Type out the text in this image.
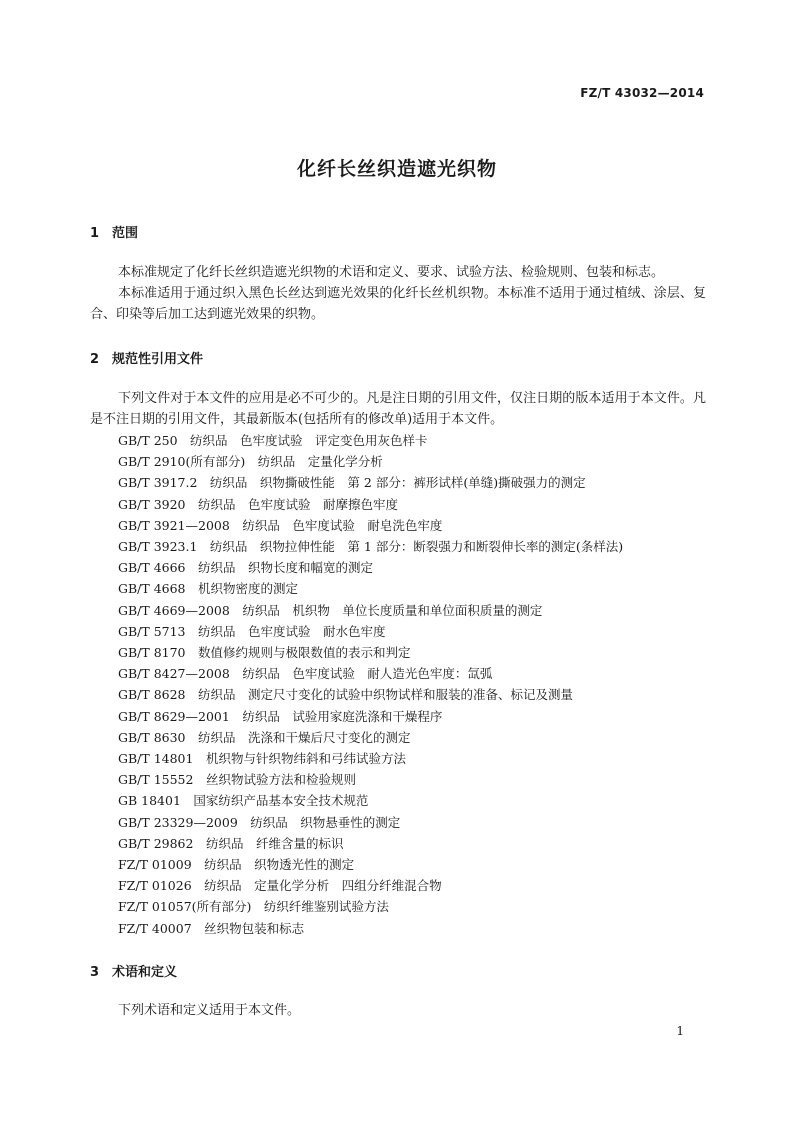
FZ/T 43032—2014
化纤长丝织造遮光织物
1 范围
本标准规定了化纤长丝织造遮光织物的术语和定义、要求、试验方法、检验规则、包装和标志。
本标准适用于通过织入黑色长丝达到遮光效果的化纤长丝机织物。本标准不适用于通过植绒、涂层、复合、印染等后加工达到遮光效果的织物。
2 规范性引用文件
下列文件对于本文件的应用是必不可少的。凡是注日期的引用文件，仅注日期的版本适用于本文件。凡是不注日期的引用文件，其最新版本(包括所有的修改单)适用于本文件。
GB/T 250　纺织品　色牢度试验　评定变色用灰色样卡
GB/T 2910(所有部分)　纺织品　定量化学分析
GB/T 3917.2　纺织品　织物撕破性能　第 2 部分：裤形试样(单缝)撕破强力的测定
GB/T 3920　纺织品　色牢度试验　耐摩擦色牢度
GB/T 3921—2008　纺织品　色牢度试验　耐皂洗色牢度
GB/T 3923.1　纺织品　织物拉伸性能　第 1 部分：断裂强力和断裂伸长率的测定(条样法)
GB/T 4666　纺织品　织物长度和幅宽的测定
GB/T 4668　机织物密度的测定
GB/T 4669—2008　纺织品　机织物　单位长度质量和单位面积质量的测定
GB/T 5713　纺织品　色牢度试验　耐水色牢度
GB/T 8170　数值修约规则与极限数值的表示和判定
GB/T 8427—2008　纺织品　色牢度试验　耐人造光色牢度：氙弧
GB/T 8628　纺织品　测定尺寸变化的试验中织物试样和服装的准备、标记及测量
GB/T 8629—2001　纺织品　试验用家庭洗涤和干燥程序
GB/T 8630　纺织品　洗涤和干燥后尺寸变化的测定
GB/T 14801　机织物与针织物纬斜和弓纬试验方法
GB/T 15552　丝织物试验方法和检验规则
GB 18401　国家纺织产品基本安全技术规范
GB/T 23329—2009　纺织品　织物悬垂性的测定
GB/T 29862　纺织品　纤维含量的标识
FZ/T 01009　纺织品　织物透光性的测定
FZ/T 01026　纺织品　定量化学分析　四组分纤维混合物
FZ/T 01057(所有部分)　纺织纤维鉴别试验方法
FZ/T 40007　丝织物包装和标志
3 术语和定义
下列术语和定义适用于本文件。
1
